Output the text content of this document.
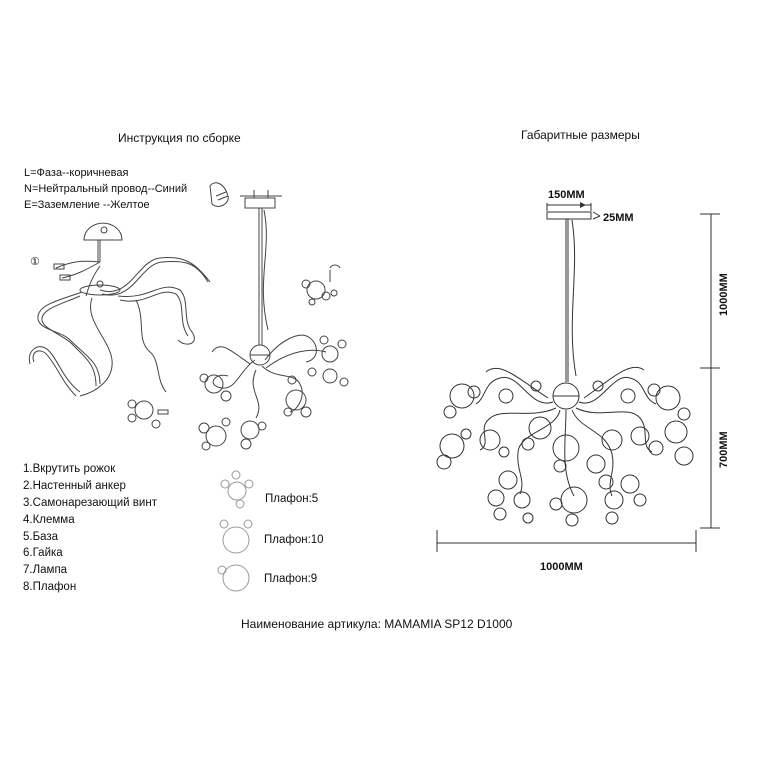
Инструкция по сборке	Габаритные размеры
L=Фаза--коричневая
N=Нейтральный провод--Синий
E=Заземление --Желтое
①
1.Вкрутить рожок
2.Настенный анкер
3.Самонарезающий винт
4.Клемма
5.База
6.Гайка
7.Лампа
8.Плафон
Плафон:5
Плафон:10
Плафон:9
150MM
25MM
1000MM
700MM
1000MM
Наименование артикула: MAMAMIA SP12 D1000
